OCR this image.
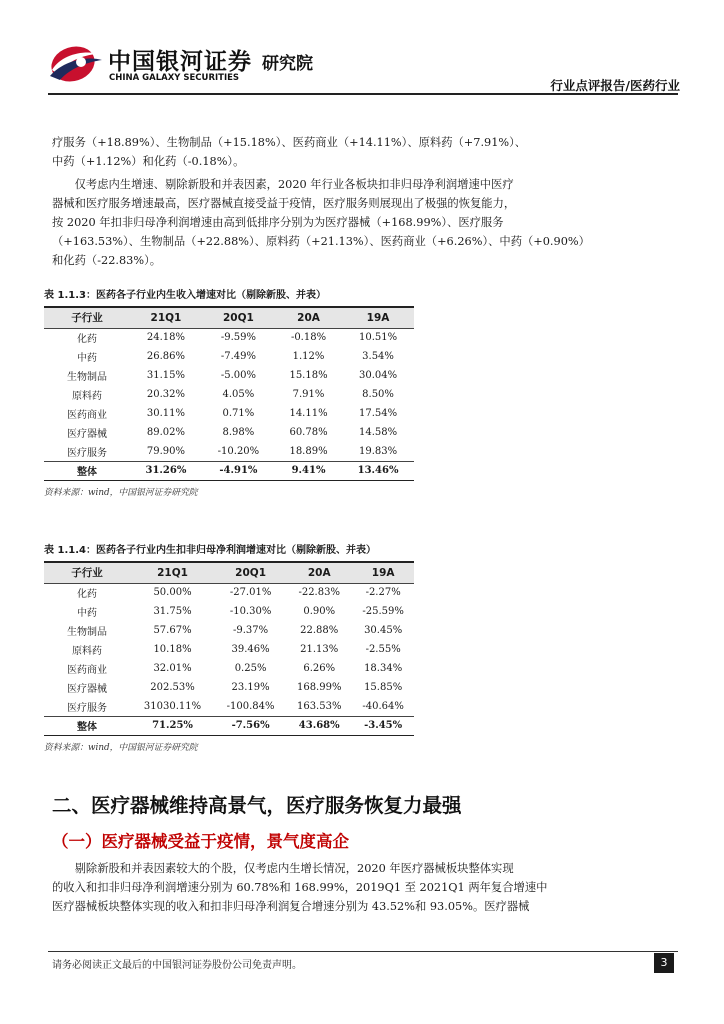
中国银河证券 研究院
CHINA GALAXY SECURITIES	行业点评报告/医药行业
疗服务（+18.89%）、生物制品（+15.18%）、医药商业（+14.11%）、原料药（+7.91%）、
中药（+1.12%）和化药（-0.18%）。
　　仅考虑内生增速、剔除新股和并表因素，2020 年行业各板块扣非归母净利润增速中医疗
器械和医疗服务增速最高，医疗器械直接受益于疫情，医疗服务则展现出了极强的恢复能力，
按 2020 年扣非归母净利润增速由高到低排序分别为为医疗器械（+168.99%）、医疗服务
（+163.53%）、生物制品（+22.88%）、原料药（+21.13%）、医药商业（+6.26%）、中药（+0.90%）
和化药（-22.83%）。
表 1.1.3：医药各子行业内生收入增速对比（剔除新股、并表）
子行业	21Q1	20Q1	20A	19A
化药	24.18%	-9.59%	-0.18%	10.51%
中药	26.86%	-7.49%	1.12%	3.54%
生物制品	31.15%	-5.00%	15.18%	30.04%
原料药	20.32%	4.05%	7.91%	8.50%
医药商业	30.11%	0.71%	14.11%	17.54%
医疗器械	89.02%	8.98%	60.78%	14.58%
医疗服务	79.90%	-10.20%	18.89%	19.83%
整体	31.26%	-4.91%	9.41%	13.46%
资料来源：wind，中国银河证券研究院
表 1.1.4：医药各子行业内生扣非归母净利润增速对比（剔除新股、并表）
子行业	21Q1	20Q1	20A	19A
化药	50.00%	-27.01%	-22.83%	-2.27%
中药	31.75%	-10.30%	0.90%	-25.59%
生物制品	57.67%	-9.37%	22.88%	30.45%
原料药	10.18%	39.46%	21.13%	-2.55%
医药商业	32.01%	0.25%	6.26%	18.34%
医疗器械	202.53%	23.19%	168.99%	15.85%
医疗服务	31030.11%	-100.84%	163.53%	-40.64%
整体	71.25%	-7.56%	43.68%	-3.45%
资料来源：wind，中国银河证券研究院
二、医疗器械维持高景气，医疗服务恢复力最强
（一）医疗器械受益于疫情，景气度高企
　　剔除新股和并表因素较大的个股，仅考虑内生增长情况，2020 年医疗器械板块整体实现
的收入和扣非归母净利润增速分别为 60.78%和 168.99%，2019Q1 至 2021Q1 两年复合增速中
医疗器械板块整体实现的收入和扣非归母净利润复合增速分别为 43.52%和 93.05%。医疗器械
请务必阅读正文最后的中国银河证券股份公司免责声明。	3
